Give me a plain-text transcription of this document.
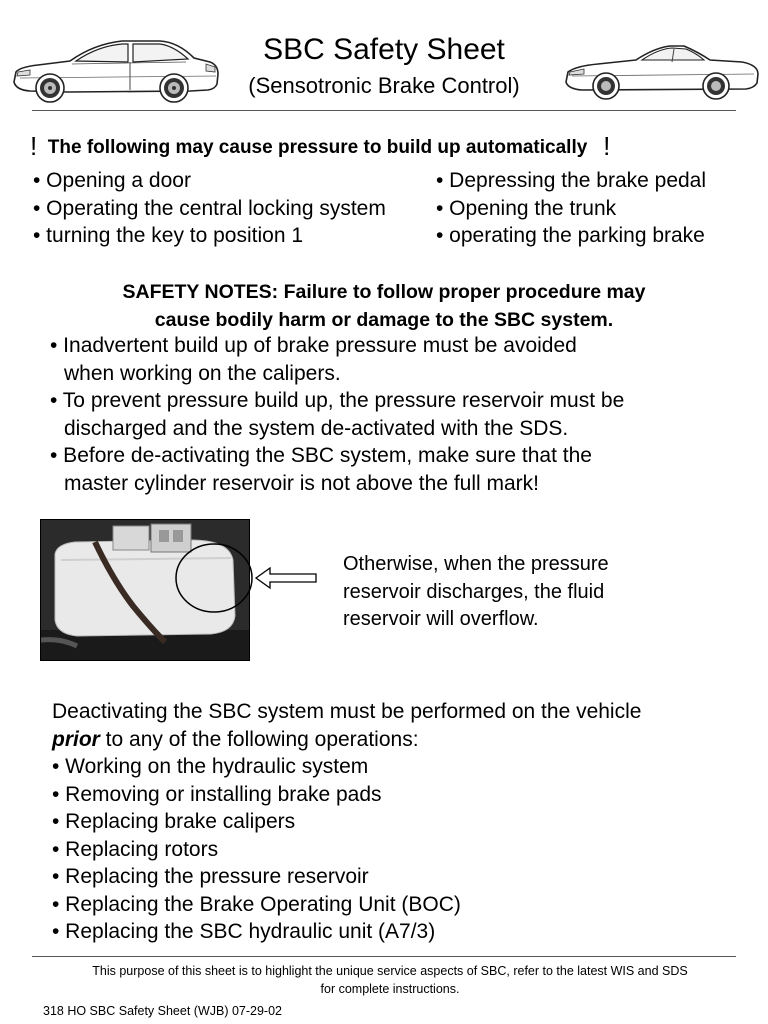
SBC Safety Sheet
(Sensotronic Brake Control)
! The following may cause pressure to build up automatically !
• Opening a door
• Operating the central locking system
• turning the key to position 1
• Depressing the brake pedal
• Opening the trunk
• operating the parking brake
SAFETY NOTES: Failure to follow proper procedure may
cause bodily harm or damage to the SBC system.
• Inadvertent build up of brake pressure must be avoided
when working on the calipers.
• To prevent pressure build up, the pressure reservoir must be
discharged and the system de-activated with the SDS.
• Before de-activating the SBC system, make sure that the
master cylinder reservoir is not above the full mark!
Otherwise, when the pressure
reservoir discharges, the fluid
reservoir will overflow.
Deactivating the SBC system must be performed on the vehicle
prior to any of the following operations:
• Working on the hydraulic system
• Removing or installing brake pads
• Replacing brake calipers
• Replacing rotors
• Replacing the pressure reservoir
• Replacing the Brake Operating Unit (BOC)
• Replacing the SBC hydraulic unit (A7/3)
This purpose of this sheet is to highlight the unique service aspects of SBC, refer to the latest WIS and SDS
for complete instructions.
318 HO SBC Safety Sheet (WJB) 07-29-02
